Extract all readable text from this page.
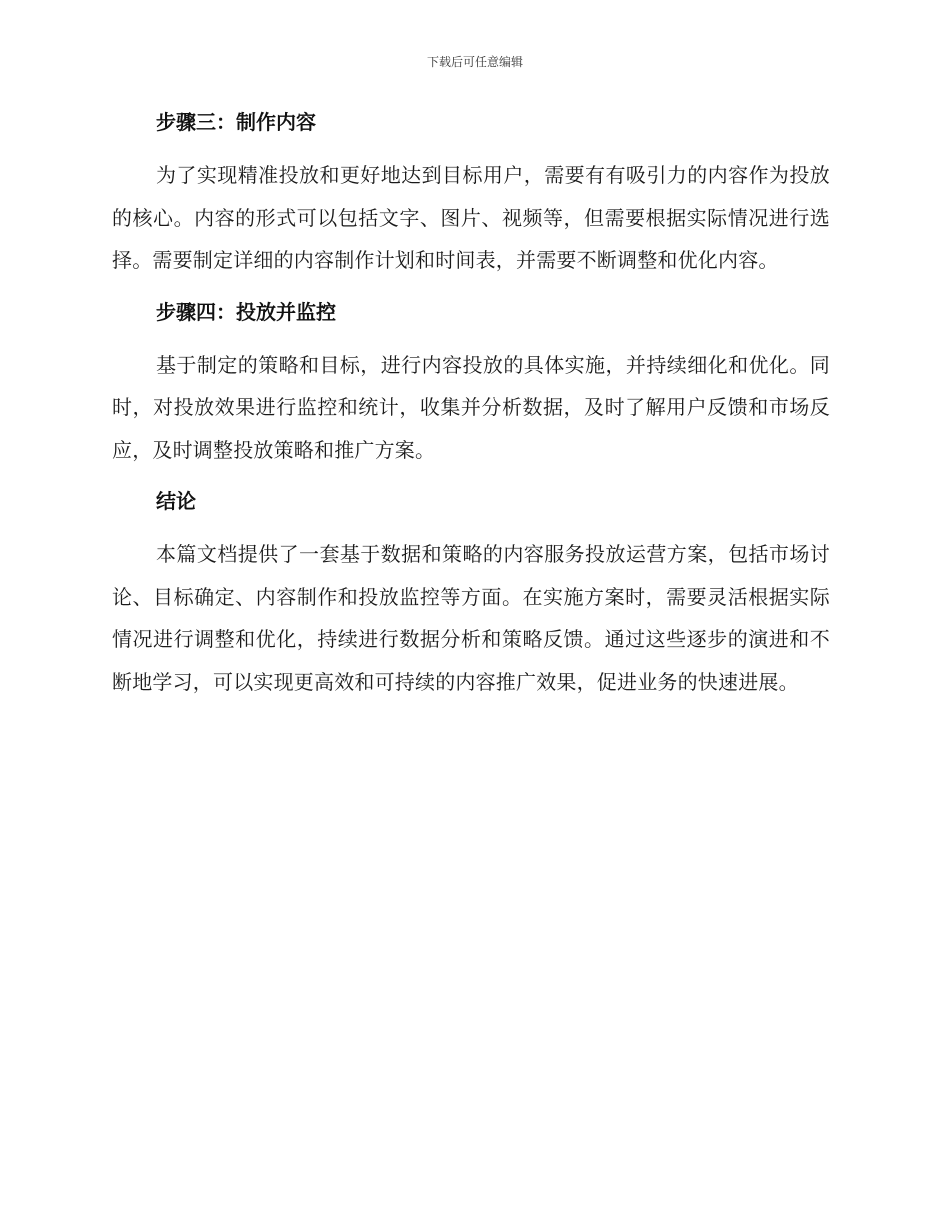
下载后可任意编辑
步骤三：制作内容

为了实现精准投放和更好地达到目标用户，需要有有吸引力的内容作为投放的核心。内容的形式可以包括文字、图片、视频等，但需要根据实际情况进行选择。需要制定详细的内容制作计划和时间表，并需要不断调整和优化内容。

步骤四：投放并监控

基于制定的策略和目标，进行内容投放的具体实施，并持续细化和优化。同时，对投放效果进行监控和统计，收集并分析数据，及时了解用户反馈和市场反应，及时调整投放策略和推广方案。

结论

本篇文档提供了一套基于数据和策略的内容服务投放运营方案，包括市场讨论、目标确定、内容制作和投放监控等方面。在实施方案时，需要灵活根据实际情况进行调整和优化，持续进行数据分析和策略反馈。通过这些逐步的演进和不断地学习，可以实现更高效和可持续的内容推广效果，促进业务的快速进展。
